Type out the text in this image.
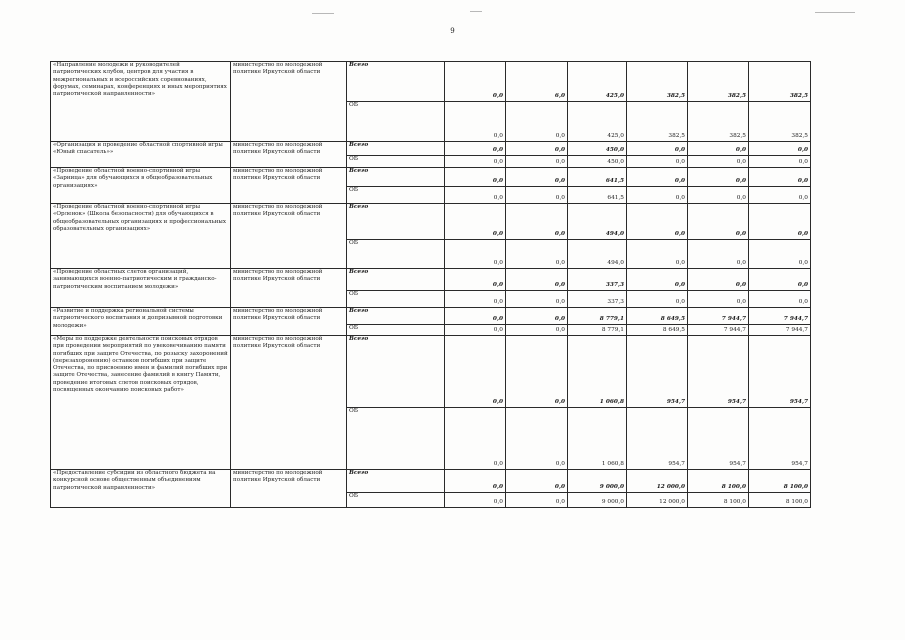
9
«Направление молодежи и руководителей патриотических клубов, центров для участия в межрегиональных и всероссийских соревнованиях, форумах, семинарах, конференциях и иных мероприятиях патриотической направленности»	министерство по молодежной политике Иркутской области	Всего	0,0	6,0	425,0	382,5	382,5	382,5
		ОБ	0,0	0,0	425,0	382,5	382,5	382,5
«Организация и проведение областной спортивной игры «Юный спасатель»»	министерство по молодежной политике Иркутской области	Всего	0,0	0,0	450,0	0,0	0,0	0,0
		ОБ	0,0	0,0	450,0	0,0	0,0	0,0
«Проведение областной военно-спортивной игры «Зарница» для обучающихся в общеобразовательных организациях»	министерство по молодежной политике Иркутской области	Всего	0,0	0,0	641,5	0,0	0,0	0,0
		ОБ	0,0	0,0	641,5	0,0	0,0	0,0
«Проведение областной военно-спортивной игры «Орленок» (Школа безопасности) для обучающихся в общеобразовательных организациях и профессиональных образовательных организациях»	министерство по молодежной политике Иркутской области	Всего	0,0	0,0	494,0	0,0	0,0	0,0
		ОБ	0,0	0,0	494,0	0,0	0,0	0,0
«Проведение областных слетов организаций, занимающихся военно-патриотическим и гражданско-патриотическим воспитанием молодежи»	министерство по молодежной политике Иркутской области	Всего	0,0	0,0	337,3	0,0	0,0	0,0
		ОБ	0,0	0,0	337,3	0,0	0,0	0,0
«Развитие и поддержка региональной системы патриотического воспитания и допризывной подготовки молодежи»	министерство по молодежной политике Иркутской области	Всего	0,0	0,0	8 779,1	8 649,5	7 944,7	7 944,7
		ОБ	0,0	0,0	8 779,1	8 649,5	7 944,7	7 944,7
«Меры по поддержке деятельности поисковых отрядов при проведении мероприятий по увековечиванию памяти погибших при защите Отечества, по розыску захоронений (перезахоронению) останков погибших при защите Отечества, по присвоению имен и фамилий погибших при защите Отечества, занесение фамилий в книгу Памяти, проведение итоговых слетов поисковых отрядов, посвященных окончанию поисковых работ»	министерство по молодежной политике Иркутской области	Всего	0,0	0,0	1 060,8	954,7	954,7	954,7
		ОБ	0,0	0,0	1 060,8	954,7	954,7	954,7
«Предоставление субсидии из областного бюджета на конкурсной основе общественным объединениям патриотической направленности»	министерство по молодежной политике Иркутской области	Всего	0,0	0,0	9 000,0	12 000,0	8 100,0	8 100,0
		ОБ	0,0	0,0	9 000,0	12 000,0	8 100,0	8 100,0
